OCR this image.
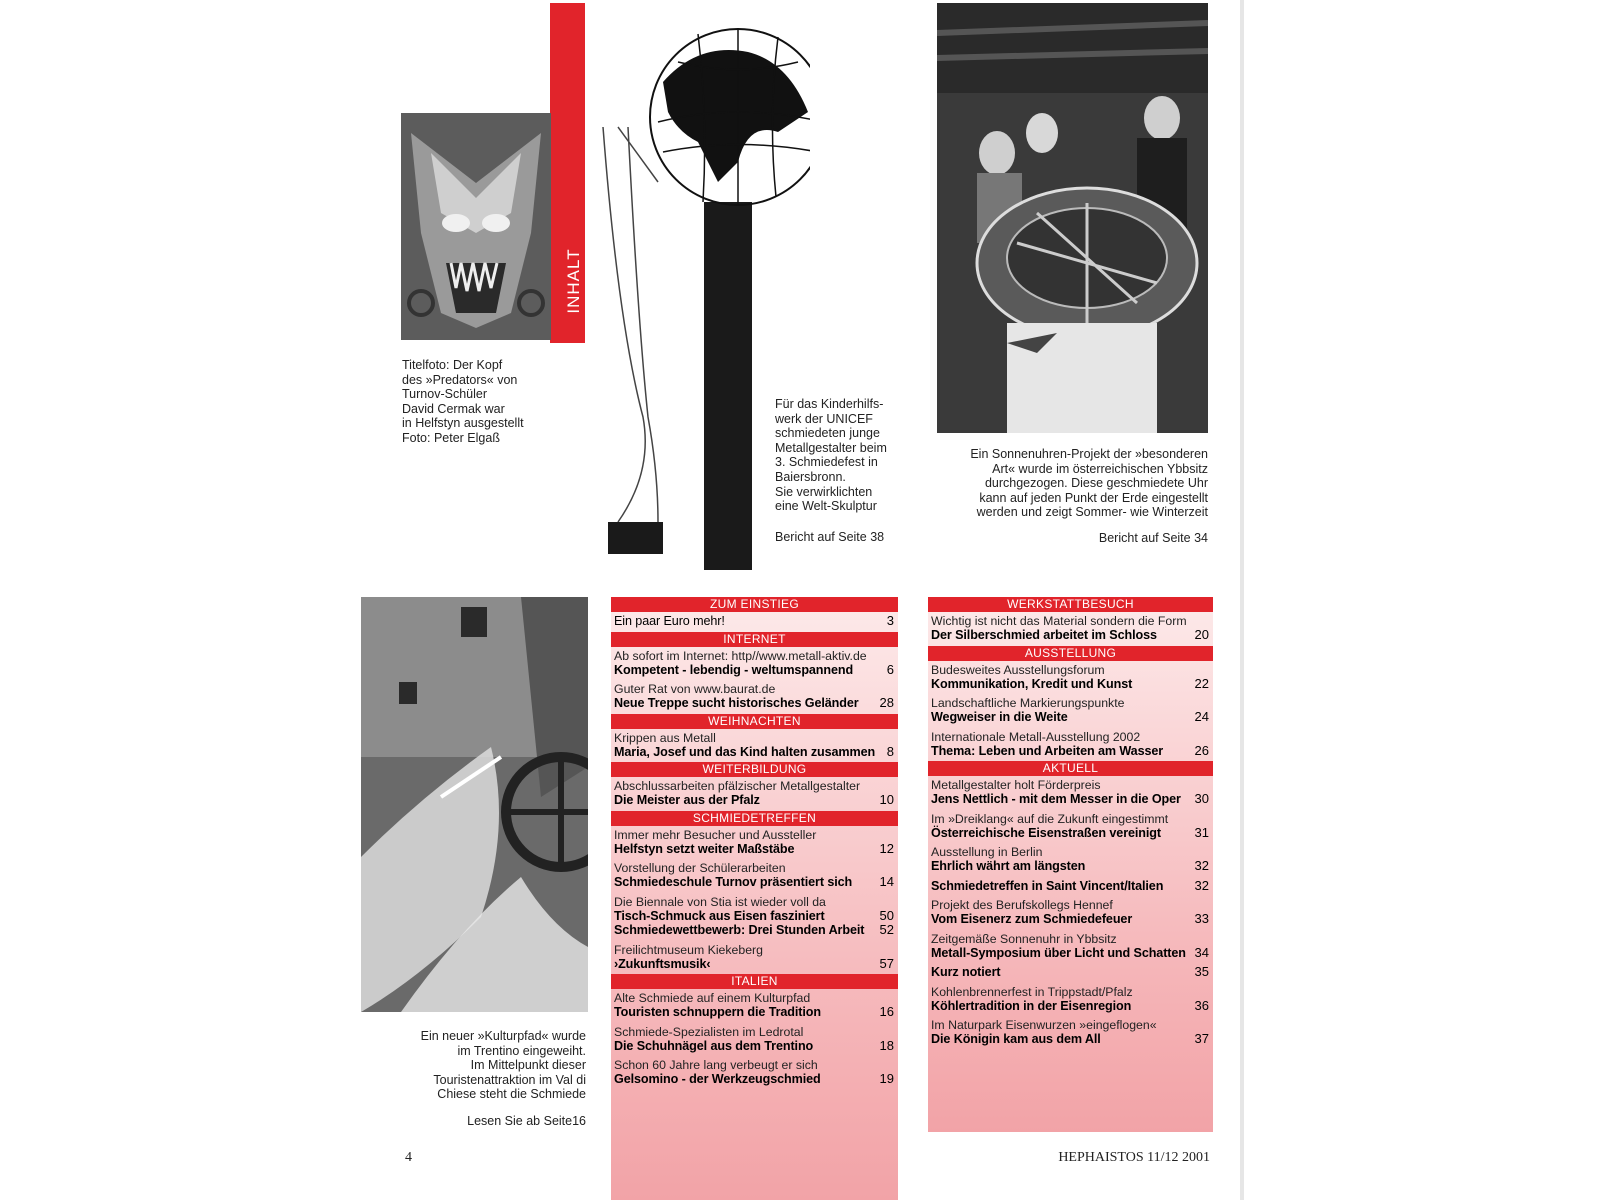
INHALT
Titelfoto: Der Kopf
des »Predators« von
Turnov-Schüler
David Cermak war
in Helfstyn ausgestellt
Foto: Peter Elgaß
Für das Kinderhilfs-
werk der UNICEF
schmiedeten junge
Metallgestalter beim
3. Schmiedefest in
Baiersbronn.
Sie verwirklichten
eine Welt-Skulptur
Bericht auf Seite 38
Ein Sonnenuhren-Projekt der »besonderen
Art« wurde im österreichischen Ybbsitz
durchgezogen. Diese geschmiedete Uhr
kann auf jeden Punkt der Erde eingestellt
werden und zeigt Sommer- wie Winterzeit
Bericht auf Seite 34
Ein neuer »Kulturpfad« wurde
im Trentino eingeweiht.
Im Mittelpunkt dieser
Touristenattraktion im Val di
Chiese steht die Schmiede
Lesen Sie ab Seite16
ZUM EINSTIEG
Ein paar Euro mehr!	3
INTERNET
Ab sofort im Internet: http//www.metall-aktiv.de
Kompetent - lebendig - weltumspannend	6
Guter Rat von www.baurat.de
Neue Treppe sucht historisches Geländer	28
WEIHNACHTEN
Krippen aus Metall
Maria, Josef und das Kind halten zusammen 8
WEITERBILDUNG
Abschlussarbeiten pfälzischer Metallgestalter
Die Meister aus der Pfalz	10
SCHMIEDETREFFEN
Immer mehr Besucher und Aussteller
Helfstyn setzt weiter Maßstäbe	12
Vorstellung der Schülerarbeiten
Schmiedeschule Turnov präsentiert sich	14
Die Biennale von Stia ist wieder voll da
Tisch-Schmuck aus Eisen fasziniert	50
Schmiedewettbewerb: Drei Stunden Arbeit	52
Freilichtmuseum Kiekeberg
›Zukunftsmusik‹	57
ITALIEN
Alte Schmiede auf einem Kulturpfad
Touristen schnuppern die Tradition	16
Schmiede-Spezialisten im Ledrotal
Die Schuhnägel aus dem Trentino	18
Schon 60 Jahre lang verbeugt er sich
Gelsomino - der Werkzeugschmied	19
WERKSTATTBESUCH
Wichtig ist nicht das Material sondern die Form
Der Silberschmied arbeitet im Schloss	20
AUSSTELLUNG
Budesweites Ausstellungsforum
Kommunikation, Kredit und Kunst	22
Landschaftliche Markierungspunkte
Wegweiser in die Weite	24
Internationale Metall-Ausstellung 2002
Thema: Leben und Arbeiten am Wasser	26
AKTUELL
Metallgestalter holt Förderpreis
Jens Nettlich - mit dem Messer in die Oper	30
Im »Dreiklang« auf die Zukunft eingestimmt
Österreichische Eisenstraßen vereinigt	31
Ausstellung in Berlin
Ehrlich währt am längsten	32
Schmiedetreffen in Saint Vincent/Italien	32
Projekt des Berufskollegs Hennef
Vom Eisenerz zum Schmiedefeuer	33
Zeitgemäße Sonnenuhr in Ybbsitz
Metall-Symposium über Licht und Schatten 34
Kurz notiert	35
Kohlenbrennerfest in Trippstadt/Pfalz
Köhlertradition in der Eisenregion	36
Im Naturpark Eisenwurzen »eingeflogen«
Die Königin kam aus dem All	37
4	HEPHAISTOS 11/12 2001
